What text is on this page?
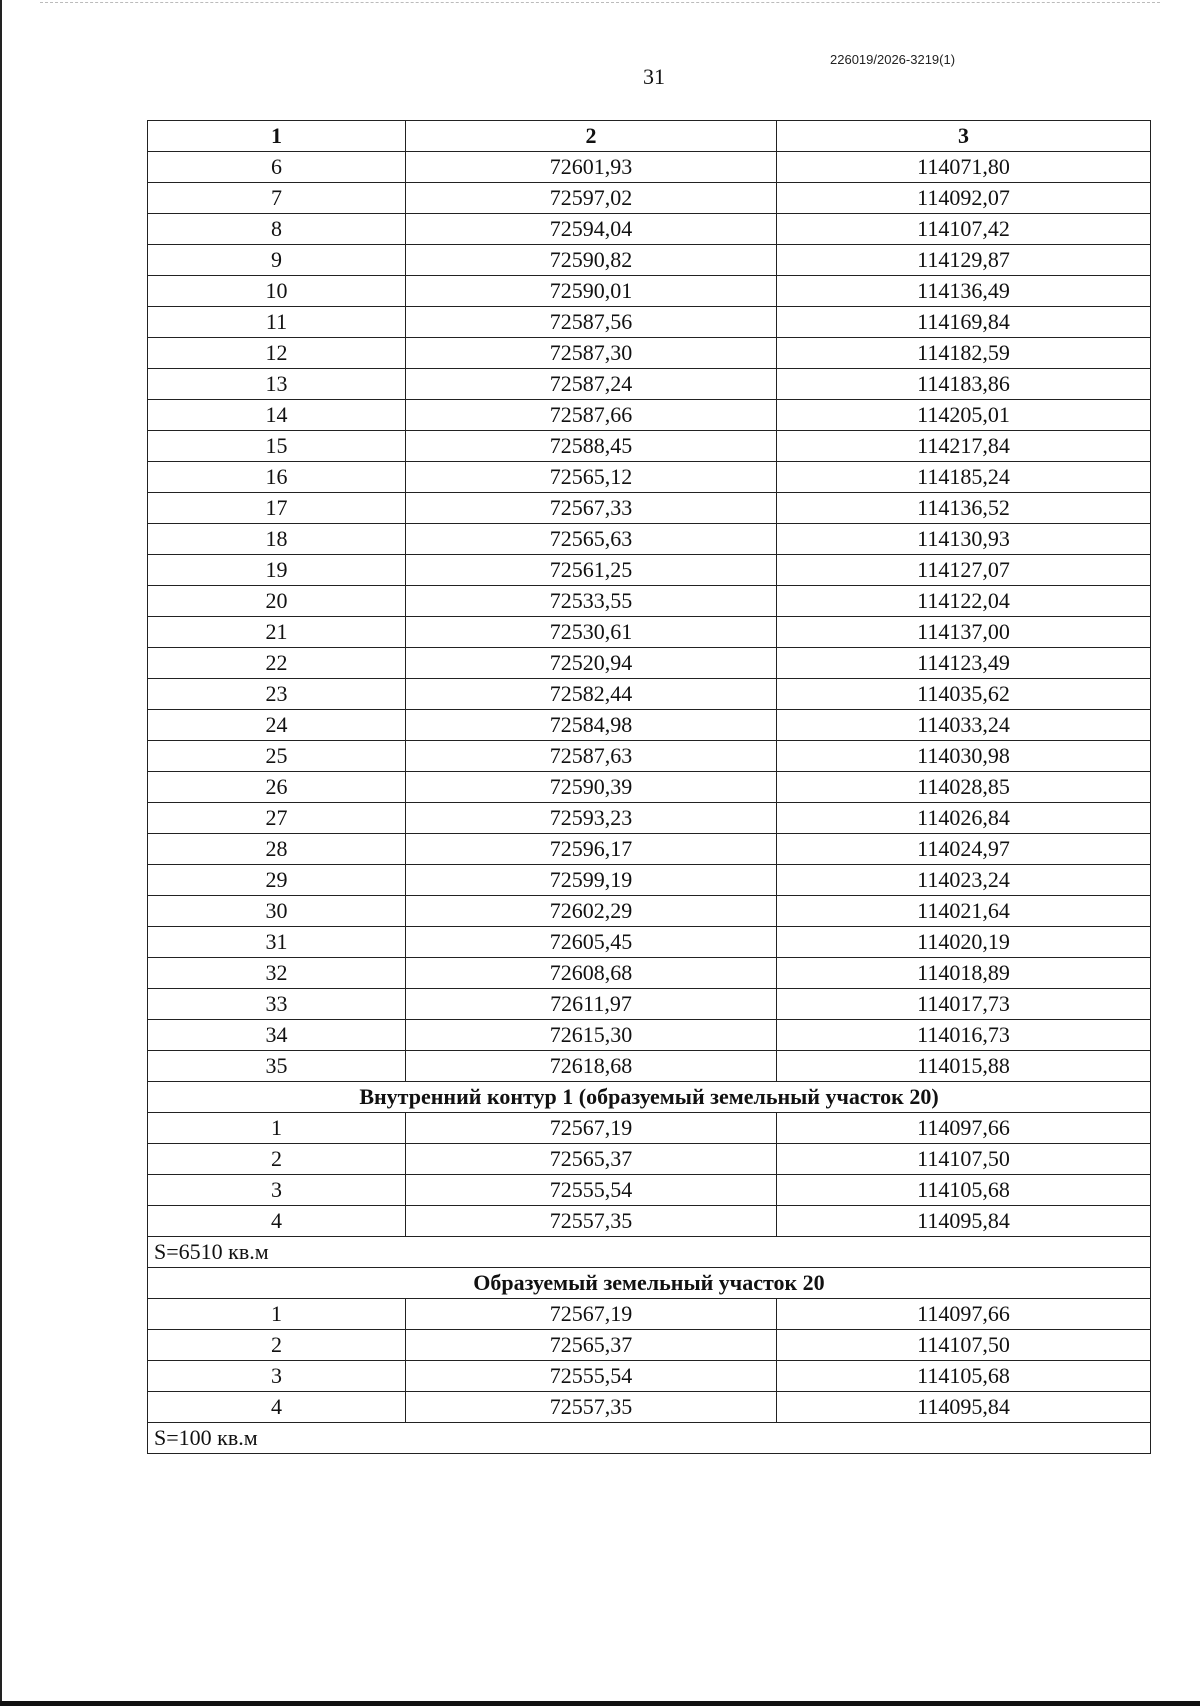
226019/2026-3219(1)
31
1	2	3
6	72601,93	114071,80
7	72597,02	114092,07
8	72594,04	114107,42
9	72590,82	114129,87
10	72590,01	114136,49
11	72587,56	114169,84
12	72587,30	114182,59
13	72587,24	114183,86
14	72587,66	114205,01
15	72588,45	114217,84
16	72565,12	114185,24
17	72567,33	114136,52
18	72565,63	114130,93
19	72561,25	114127,07
20	72533,55	114122,04
21	72530,61	114137,00
22	72520,94	114123,49
23	72582,44	114035,62
24	72584,98	114033,24
25	72587,63	114030,98
26	72590,39	114028,85
27	72593,23	114026,84
28	72596,17	114024,97
29	72599,19	114023,24
30	72602,29	114021,64
31	72605,45	114020,19
32	72608,68	114018,89
33	72611,97	114017,73
34	72615,30	114016,73
35	72618,68	114015,88
Внутренний контур 1 (образуемый земельный участок 20)		
1	72567,19	114097,66
2	72565,37	114107,50
3	72555,54	114105,68
4	72557,35	114095,84
S=6510 кв.м		
Образуемый земельный участок 20		
1	72567,19	114097,66
2	72565,37	114107,50
3	72555,54	114105,68
4	72557,35	114095,84
S=100 кв.м		
